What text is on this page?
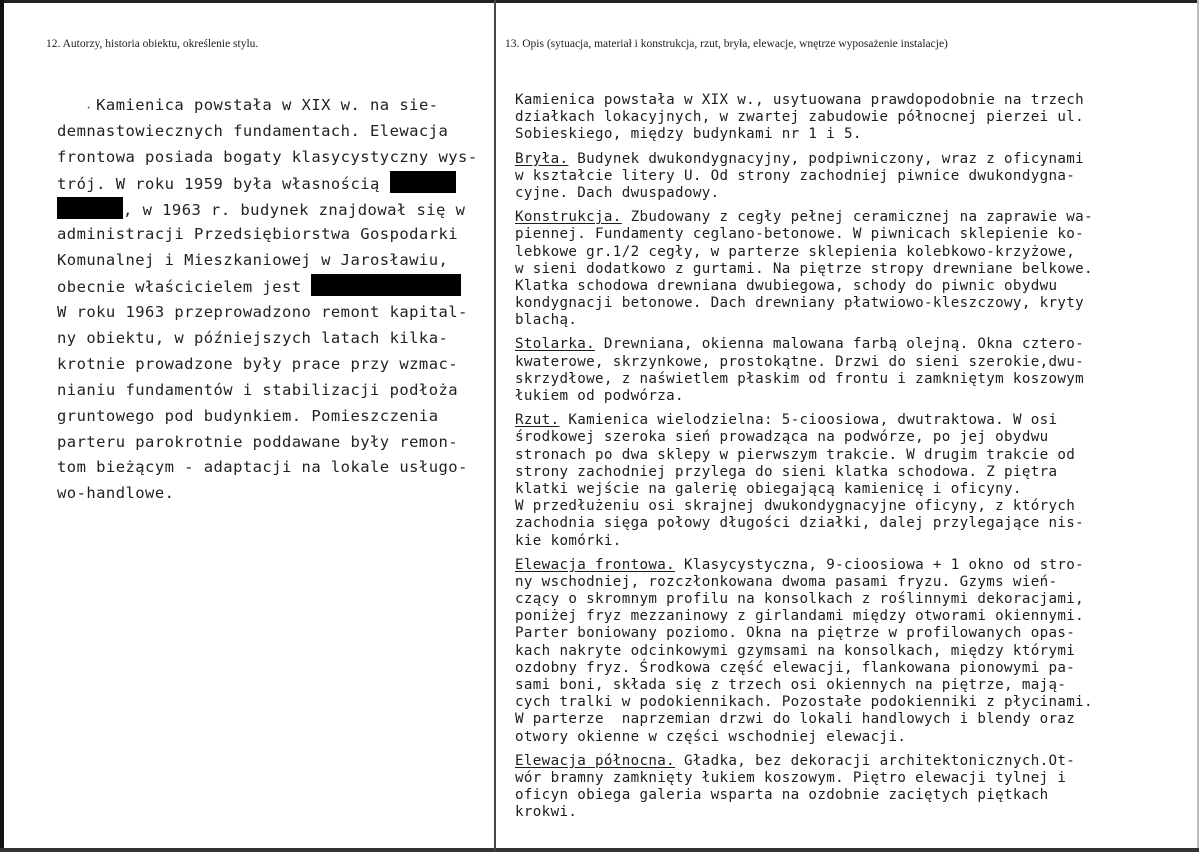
12. Autorzy, historia obiektu, określenie stylu.	13. Opis (sytuacja, materiał i konstrukcja, rzut, bryła, elewacje, wnętrze wyposażenie instalacje)
· Kamienica powstała w XIX w. na sie-
demnastowiecznych fundamentach. Elewacja
frontowa posiada bogaty klasycystyczny wys-
trój. W roku 1959 była własnością
, w 1963 r. budynek znajdował się w
administracji Przedsiębiorstwa Gospodarki
Komunalnej i Mieszkaniowej w Jarosławiu,
obecnie właścicielem jest
W roku 1963 przeprowadzono remont kapital-
ny obiektu, w późniejszych latach kilka-
krotnie prowadzone były prace przy wzmac-
nianiu fundamentów i stabilizacji podłoża
gruntowego pod budynkiem. Pomieszczenia
parteru parokrotnie poddawane były remon-
tom bieżącym - adaptacji na lokale usługo-
wo-handlowe.
Kamienica powstała w XIX w., usytuowana prawdopodobnie na trzech
działkach lokacyjnych, w zwartej zabudowie północnej pierzei ul.
Sobieskiego, między budynkami nr 1 i 5.
Bryła. Budynek dwukondygnacyjny, podpiwniczony, wraz z oficynami
w kształcie litery U. Od strony zachodniej piwnice dwukondygna-
cyjne. Dach dwuspadowy.
Konstrukcja. Zbudowany z cegły pełnej ceramicznej na zaprawie wa-
piennej. Fundamenty ceglano-betonowe. W piwnicach sklepienie ko-
lebkowe gr.1/2 cegły, w parterze sklepienia kolebkowo-krzyżowe,
w sieni dodatkowo z gurtami. Na piętrze stropy drewniane belkowe.
Klatka schodowa drewniana dwubiegowa, schody do piwnic obydwu
kondygnacji betonowe. Dach drewniany płatwiowo-kleszczowy, kryty
blachą.
Stolarka. Drewniana, okienna malowana farbą olejną. Okna cztero-
kwaterowe, skrzynkowe, prostokątne. Drzwi do sieni szerokie,dwu-
skrzydłowe, z naświetlem płaskim od frontu i zamkniętym koszowym
łukiem od podwórza.
Rzut. Kamienica wielodzielna: 5-cioosiowa, dwutraktowa. W osi
środkowej szeroka sień prowadząca na podwórze, po jej obydwu
stronach po dwa sklepy w pierwszym trakcie. W drugim trakcie od
strony zachodniej przylega do sieni klatka schodowa. Z piętra
klatki wejście na galerię obiegającą kamienicę i oficyny.
W przedłużeniu osi skrajnej dwukondygnacyjne oficyny, z których
zachodnia sięga połowy długości działki, dalej przylegające nis-
kie komórki.
Elewacja frontowa. Klasycystyczna, 9-cioosiowa + 1 okno od stro-
ny wschodniej, rozczłonkowana dwoma pasami fryzu. Gzyms wień-
czący o skromnym profilu na konsolkach z roślinnymi dekoracjami,
poniżej fryz mezzaninowy z girlandami między otworami okiennymi.
Parter boniowany poziomo. Okna na piętrze w profilowanych opas-
kach nakryte odcinkowymi gzymsami na konsolkach, między którymi
ozdobny fryz. Środkowa część elewacji, flankowana pionowymi pa-
sami boni, składa się z trzech osi okiennych na piętrze, mają-
cych tralki w podokiennikach. Pozostałe podokienniki z płycinami.
W parterze  naprzemian drzwi do lokali handlowych i blendy oraz
otwory okienne w części wschodniej elewacji.
Elewacja północna. Gładka, bez dekoracji architektonicznych.Ot-
wór bramny zamknięty łukiem koszowym. Piętro elewacji tylnej i
oficyn obiega galeria wsparta na ozdobnie zaciętych piętkach
krokwi.
